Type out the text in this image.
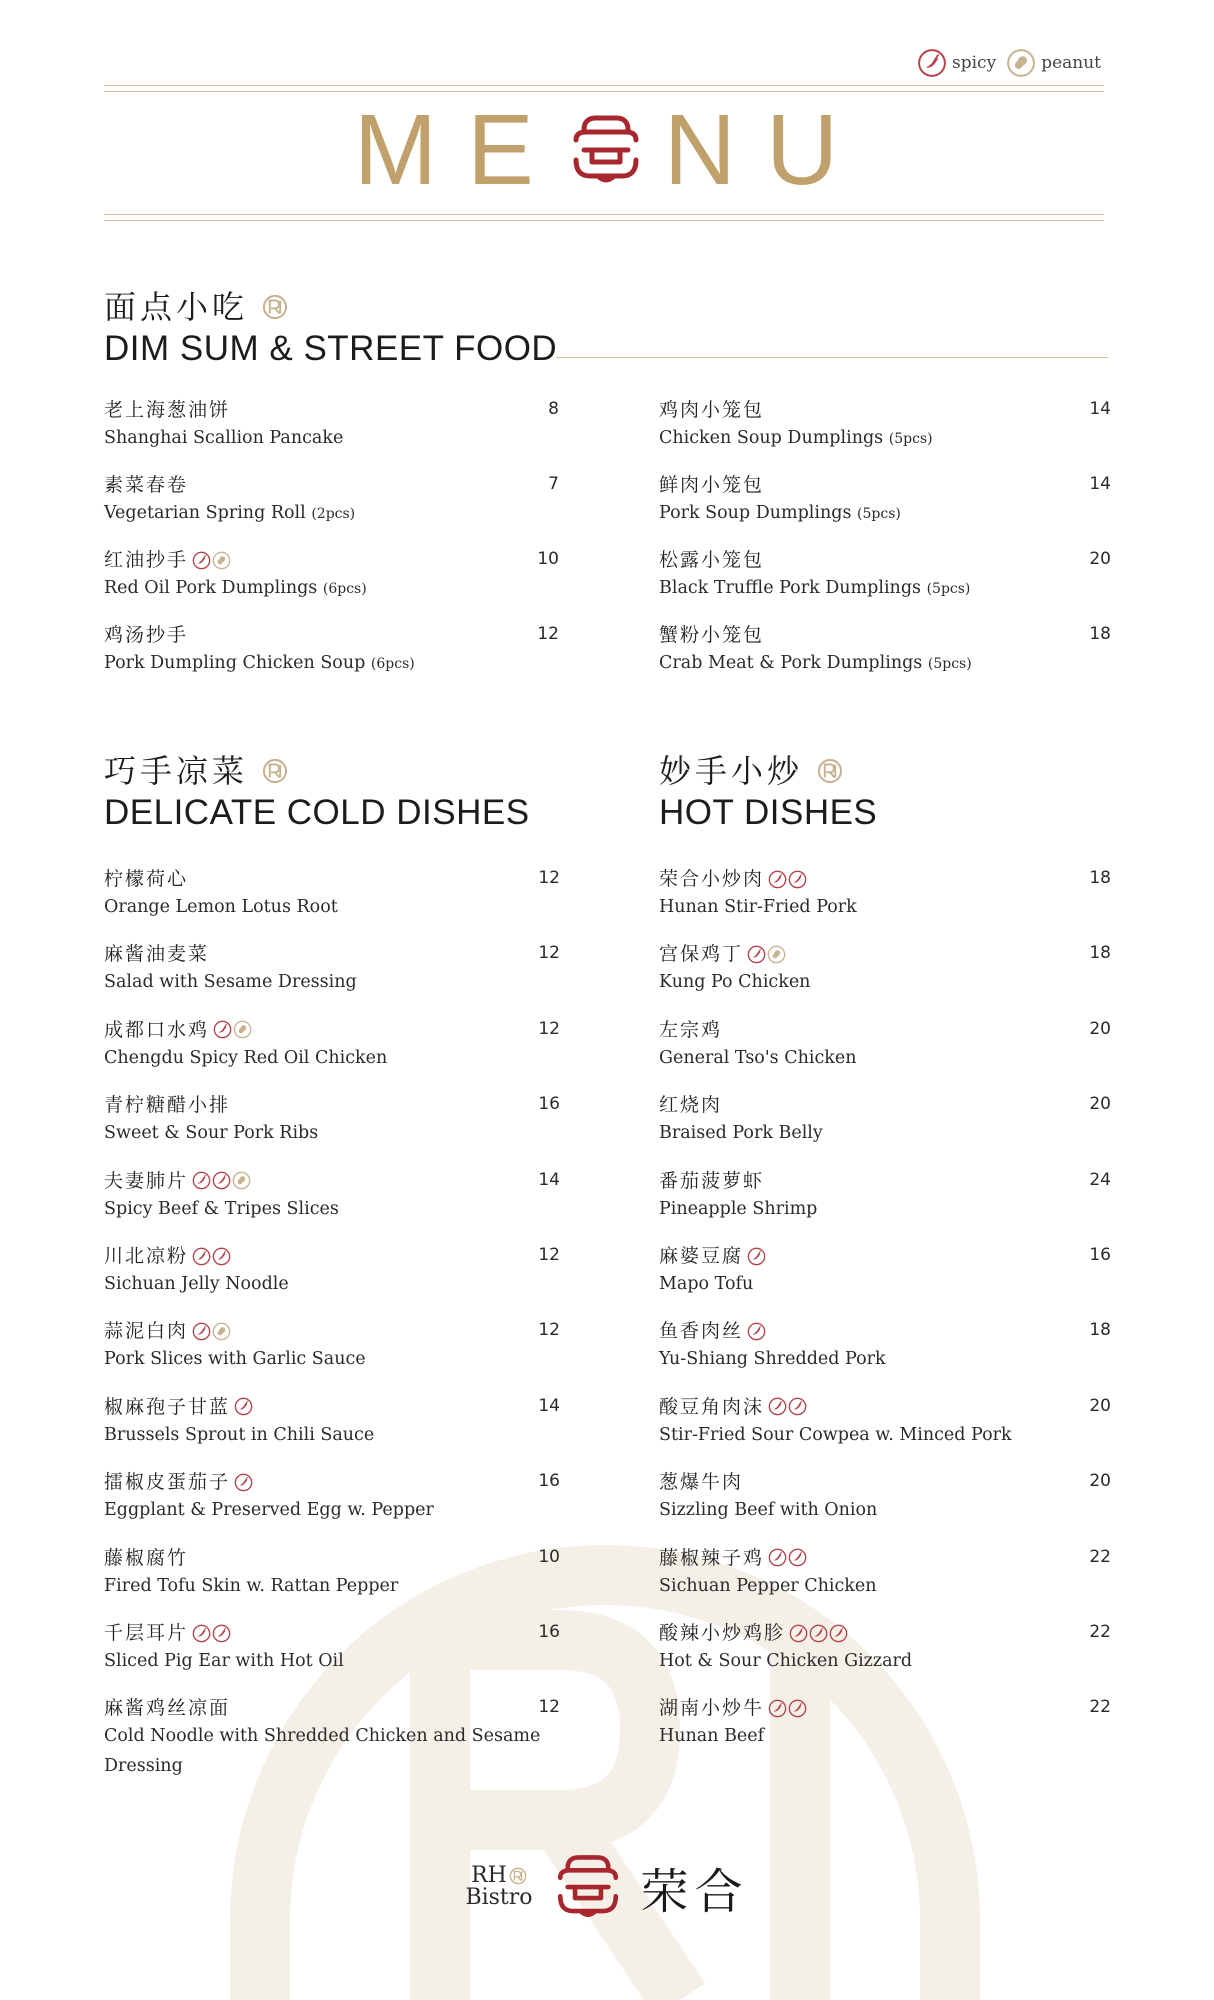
spicy	peanut
M E N U
面点小吃
DIM SUM & STREET FOOD
老上海葱油饼
Shanghai Scallion Pancake
8
素菜春卷
Vegetarian Spring Roll (2pcs)
7
红油抄手
Red Oil Pork Dumplings (6pcs)
10
鸡汤抄手
Pork Dumpling Chicken Soup (6pcs)
12
鸡肉小笼包
Chicken Soup Dumplings (5pcs)
14
鲜肉小笼包
Pork Soup Dumplings (5pcs)
14
松露小笼包
Black Truffle Pork Dumplings (5pcs)
20
蟹粉小笼包
Crab Meat & Pork Dumplings (5pcs)
18
巧手凉菜
DELICATE COLD DISHES
妙手小炒
HOT DISHES
柠檬荷心
Orange Lemon Lotus Root
12
麻酱油麦菜
Salad with Sesame Dressing
12
成都口水鸡
Chengdu Spicy Red Oil Chicken
12
青柠糖醋小排
Sweet & Sour Pork Ribs
16
夫妻肺片
Spicy Beef & Tripes Slices
14
川北凉粉
Sichuan Jelly Noodle
12
蒜泥白肉
Pork Slices with Garlic Sauce
12
椒麻孢子甘蓝
Brussels Sprout in Chili Sauce
14
擂椒皮蛋茄子
Eggplant & Preserved Egg w. Pepper
16
藤椒腐竹
Fired Tofu Skin w. Rattan Pepper
10
千层耳片
Sliced Pig Ear with Hot Oil
16
麻酱鸡丝凉面
Cold Noodle with Shredded Chicken and Sesame Dressing
12
荣合小炒肉
Hunan Stir-Fried Pork
18
宫保鸡丁
Kung Po Chicken
18
左宗鸡
General Tso's Chicken
20
红烧肉
Braised Pork Belly
20
番茄菠萝虾
Pineapple Shrimp
24
麻婆豆腐
Mapo Tofu
16
鱼香肉丝
Yu-Shiang Shredded Pork
18
酸豆角肉沫
Stir-Fried Sour Cowpea w. Minced Pork
20
葱爆牛肉
Sizzling Beef with Onion
20
藤椒辣子鸡
Sichuan Pepper Chicken
22
酸辣小炒鸡胗
Hot & Sour Chicken Gizzard
22
湖南小炒牛
Hunan Beef
22
RH
Bistro 荣合
